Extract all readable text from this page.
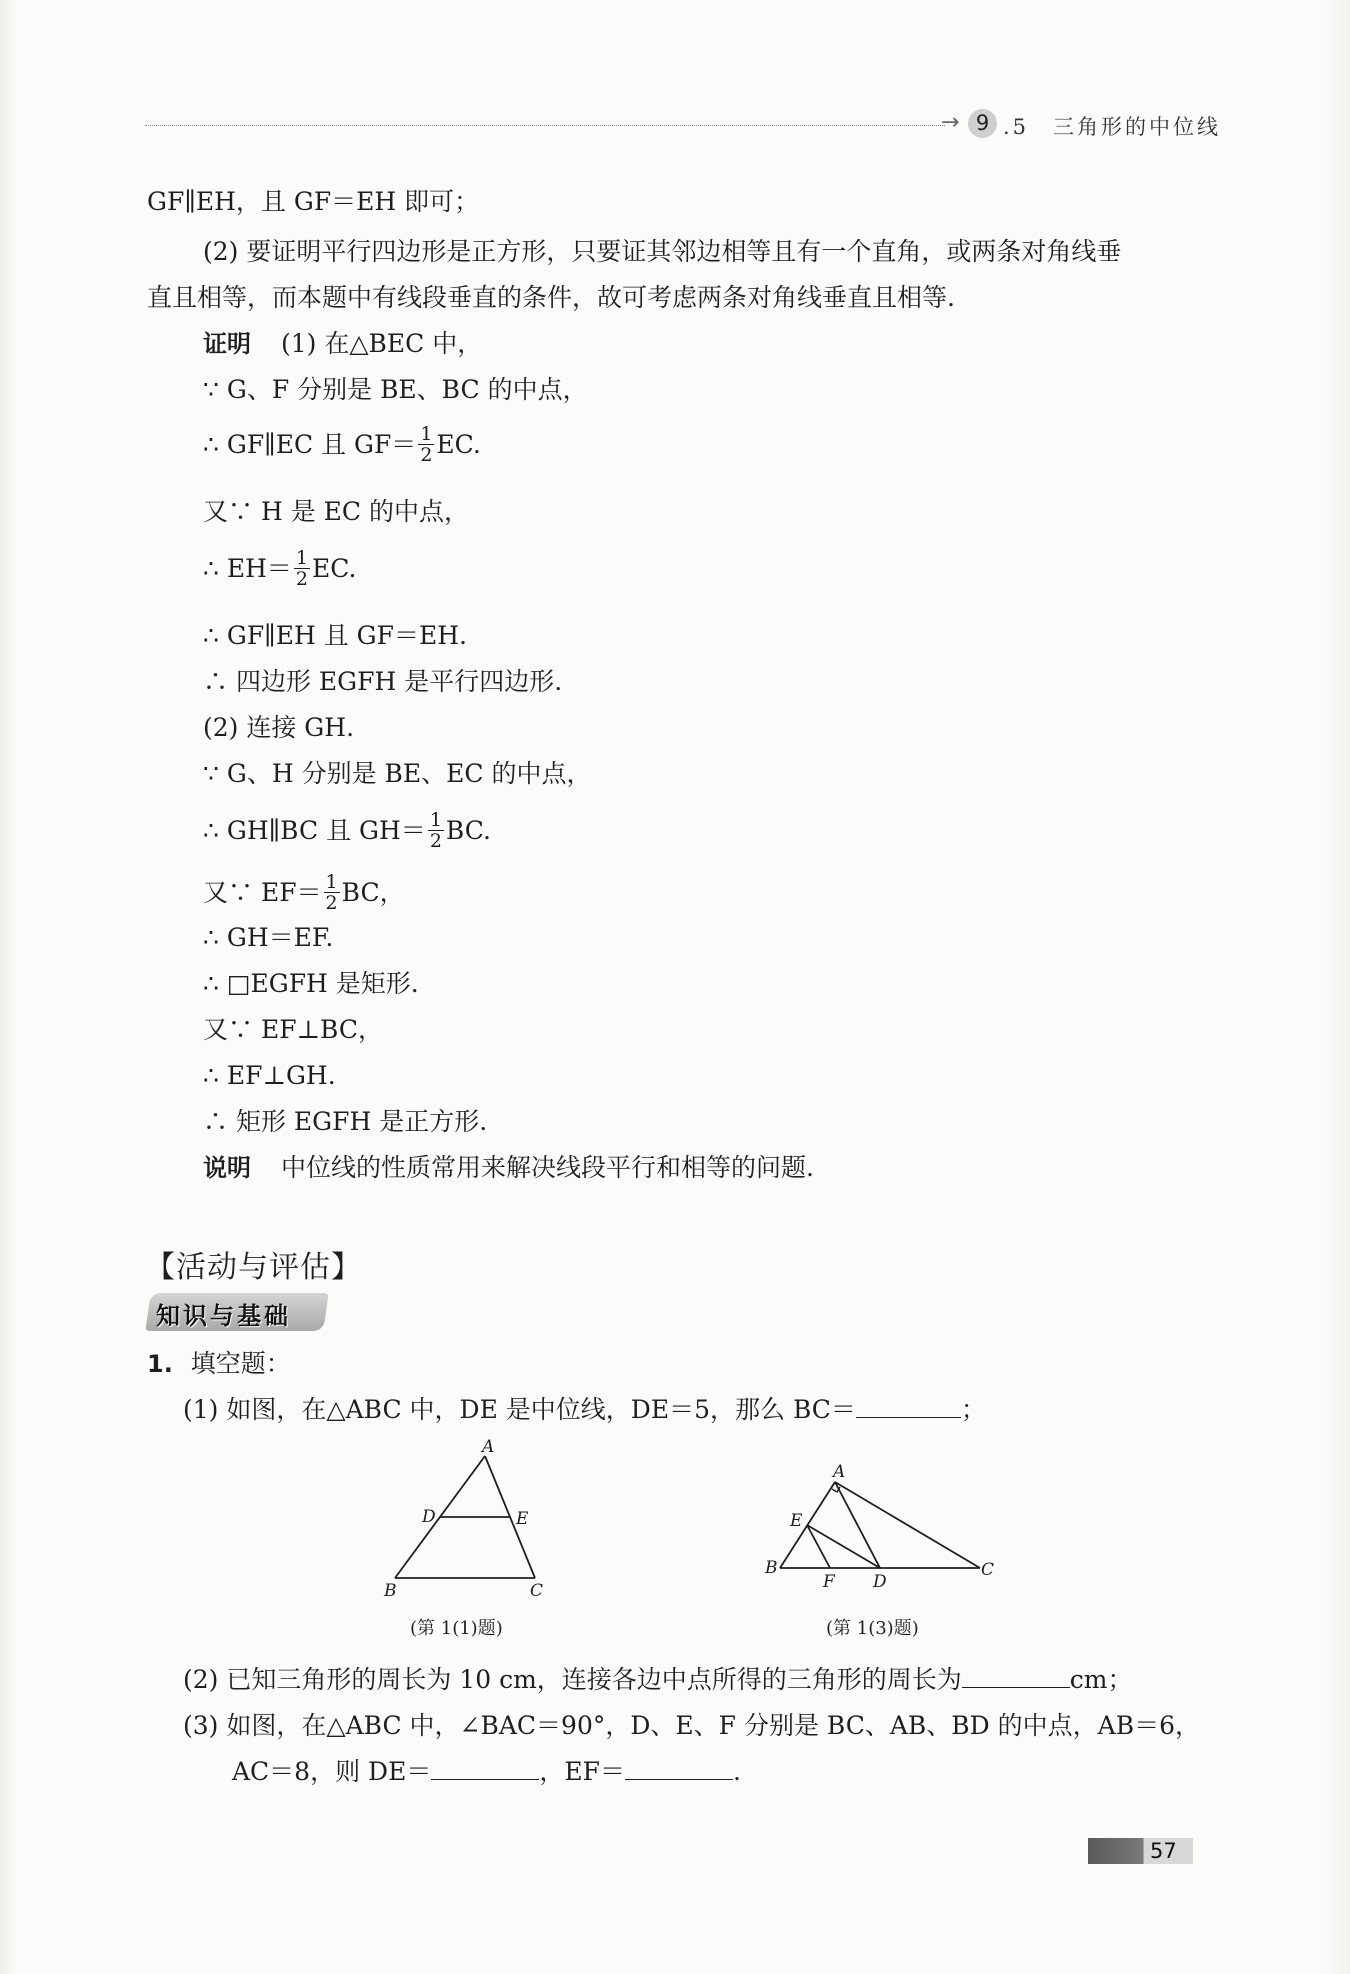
→ 9 .5　三角形的中位线
GF∥EH，且 GF＝EH 即可；
(2) 要证明平行四边形是正方形，只要证其邻边相等且有一个直角，或两条对角线垂
直且相等，而本题中有线段垂直的条件，故可考虑两条对角线垂直且相等.
证明 (1) 在△BEC 中，
∵ G、F 分别是 BE、BC 的中点，
∴ GF∥EC 且 $GF= \frac{1}{2}$ EC.
又∵ H 是 EC 的中点，
∴ $EH= \frac{1}{2}$ EC.
∴ GF∥EH 且 GF＝EH.
∴ 四边形 EGFH 是平行四边形.
(2) 连接 GH.
∵ G、H 分别是 BE、EC 的中点，
∴ GH∥BC 且 $GH= \frac{1}{2}$ BC.
又∵ $EF= \frac{1}{2}$ BC，
∴ GH＝EF.
∴ □EGFH 是矩形.
又∵ EF⊥BC，
∴ EF⊥GH.
∴ 矩形 EGFH 是正方形.
说明 中位线的性质常用来解决线段平行和相等的问题.
【活动与评估】
知识与基础
1. 填空题：
(1) 如图，在△ABC 中，DE 是中位线，DE＝5，那么 BC＝	；
A
B	C
D	E
(第 1(1)题)
A
B	C
D
E
F
(第 1(3)题)
(2) 已知三角形的周长为 10 cm，连接各边中点所得的三角形的周长为	cm；
(3) 如图，在△ABC 中，∠BAC＝90°，D、E、F 分别是 BC、AB、BD 的中点，AB＝6，
AC＝8，则 DE＝	，EF＝	.
57
